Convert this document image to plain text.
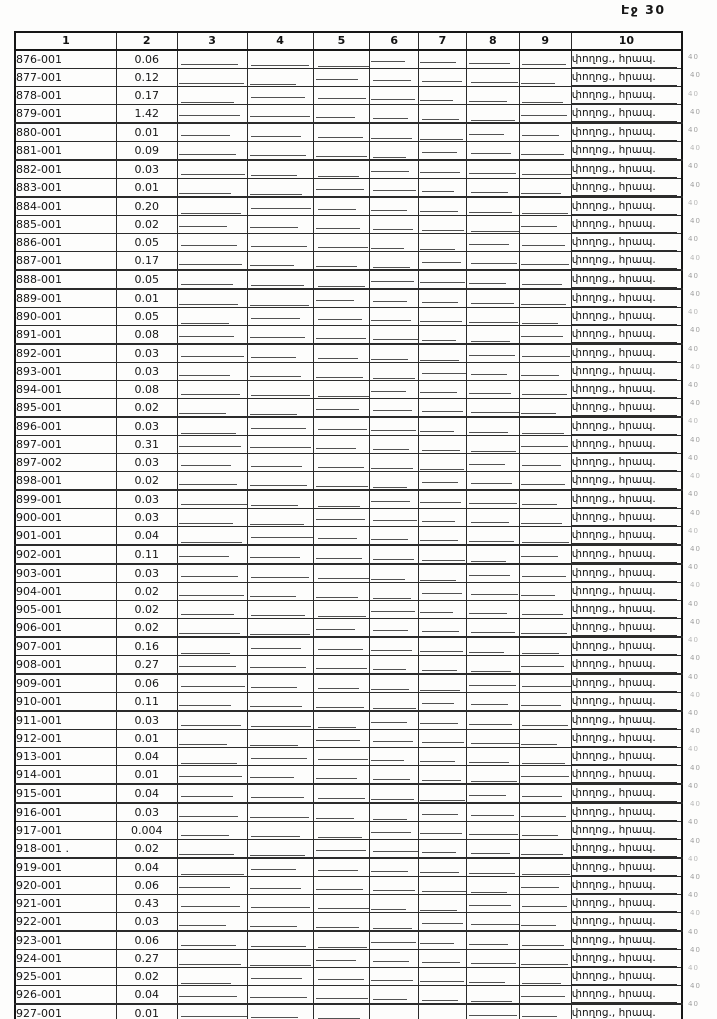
Էջ 30
1	2	3	4	5	6	7	8	9	10
876-001	0.06								փողոց., հրապ.
877-001	0.12								փողոց., հրապ.
878-001	0.17								փողոց., հրապ.
879-001	1.42								փողոց., հրապ.
880-001	0.01								փողոց., հրապ.
881-001	0.09								փողոց., հրապ.
882-001	0.03								փողոց., հրապ.
883-001	0.01								փողոց., հրապ.
884-001	0.20								փողոց., հրապ.
885-001	0.02								փողոց., հրապ.
886-001	0.05								փողոց., հրապ.
887-001	0.17								փողոց., հրապ.
888-001	0.05								փողոց., հրապ.
889-001	0.01								փողոց., հրապ.
890-001	0.05								փողոց., հրապ.
891-001	0.08								փողոց., հրապ.
892-001	0.03								փողոց., հրապ.
893-001	0.03								փողոց., հրապ.
894-001	0.08								փողոց., հրապ.
895-001	0.02								փողոց., հրապ.
896-001	0.03								փողոց., հրապ.
897-001	0.31								փողոց., հրապ.
897-002	0.03								փողոց., հրապ.
898-001	0.02								փողոց., հրապ.
899-001	0.03								փողոց., հրապ.
900-001	0.03								փողոց., հրապ.
901-001	0.04								փողոց., հրապ.
902-001	0.11								փողոց., հրապ.
903-001	0.03								փողոց., հրապ.
904-001	0.02								փողոց., հրապ.
905-001	0.02								փողոց., հրապ.
906-001	0.02								փողոց., հրապ.
907-001	0.16								փողոց., հրապ.
908-001	0.27								փողոց., հրապ.
909-001	0.06								փողոց., հրապ.
910-001	0.11								փողոց., հրապ.
911-001	0.03								փողոց., հրապ.
912-001	0.01								փողոց., հրապ.
913-001	0.04								փողոց., հրապ.
914-001	0.01								փողոց., հրապ.
915-001	0.04								փողոց., հրապ.
916-001	0.03								փողոց., հրապ.
917-001	0.004								փողոց., հրապ.
918-001 .	0.02								փողոց., հրապ.
919-001	0.04								փողոց., հրապ.
920-001	0.06								փողոց., հրապ.
921-001	0.43								փողոց., հրապ.
922-001	0.03								փողոց., հրապ.
923-001	0.06								փողոց., հրապ.
924-001	0.27								փողոց., հրապ.
925-001	0.02								փողոց., հրապ.
926-001	0.04								փողոց., հրապ.
927-001	0.01								փողոց., հրապ.
40
40
40
40
40
40
40
40
40
40
40
40
40
40
40
40
40
40
40
40
40
40
40
40
40
40
40
40
40
40
40
40
40
40
40
40
40
40
40
40
40
40
40
40
40
40
40
40
40
40
40
40
40
